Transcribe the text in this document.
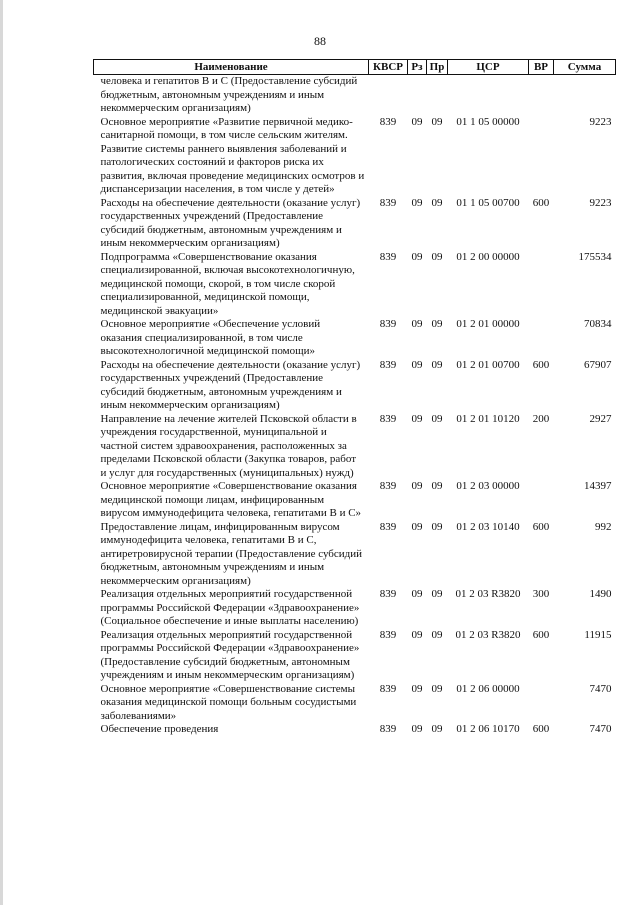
88
Наименование	КВСР	Рз	Пр	ЦСР	ВР	Сумма
человека и гепатитов В и С (Предоставление субсидий бюджетным, автономным учреждениям и иным некоммерческим организациям)						
Основное мероприятие «Развитие первичной медико-санитарной помощи, в том числе сельским жителям. Развитие системы раннего выявления заболеваний и патологических состояний и факторов риска их развития, включая проведение медицинских осмотров и диспансеризации населения, в том числе у детей»	839	09	09	01 1 05 00000		9223
Расходы на обеспечение деятельности (оказание услуг) государственных учреждений (Предоставление субсидий бюджетным, автономным учреждениям и иным некоммерческим организациям)	839	09	09	01 1 05 00700	600	9223
Подпрограмма «Совершенствование оказания специализированной, включая высокотехнологичную, медицинской помощи, скорой, в том числе скорой специализированной, медицинской помощи, медицинской эвакуации»	839	09	09	01 2 00 00000		175534
Основное мероприятие «Обеспечение условий оказания специализированной, в том числе высокотехнологичной медицинской помощи»	839	09	09	01 2 01 00000		70834
Расходы на обеспечение деятельности (оказание услуг) государственных учреждений (Предоставление субсидий бюджетным, автономным учреждениям и иным некоммерческим организациям)	839	09	09	01 2 01 00700	600	67907
Направление на лечение жителей Псковской области в учреждения государственной, муниципальной и частной систем здравоохранения, расположенных за пределами Псковской области (Закупка товаров, работ и услуг для государственных (муниципальных) нужд)	839	09	09	01 2 01 10120	200	2927
Основное мероприятие «Совершенствование оказания медицинской помощи лицам, инфицированным вирусом иммунодефицита человека, гепатитами В и С»	839	09	09	01 2 03 00000		14397
Предоставление лицам, инфицированным вирусом иммунодефицита человека, гепатитами В и С, антиретровирусной терапии (Предоставление субсидий бюджетным, автономным учреждениям и иным некоммерческим организациям)	839	09	09	01 2 03 10140	600	992
Реализация отдельных мероприятий государственной программы Российской Федерации «Здравоохранение» (Социальное обеспечение и иные выплаты населению)	839	09	09	01 2 03 R3820	300	1490
Реализация отдельных мероприятий государственной программы Российской Федерации «Здравоохранение» (Предоставление субсидий бюджетным, автономным учреждениям и иным некоммерческим организациям)	839	09	09	01 2 03 R3820	600	11915
Основное мероприятие «Совершенствование системы оказания медицинской помощи больным сосудистыми заболеваниями»	839	09	09	01 2 06 00000		7470
Обеспечение проведения	839	09	09	01 2 06 10170	600	7470
